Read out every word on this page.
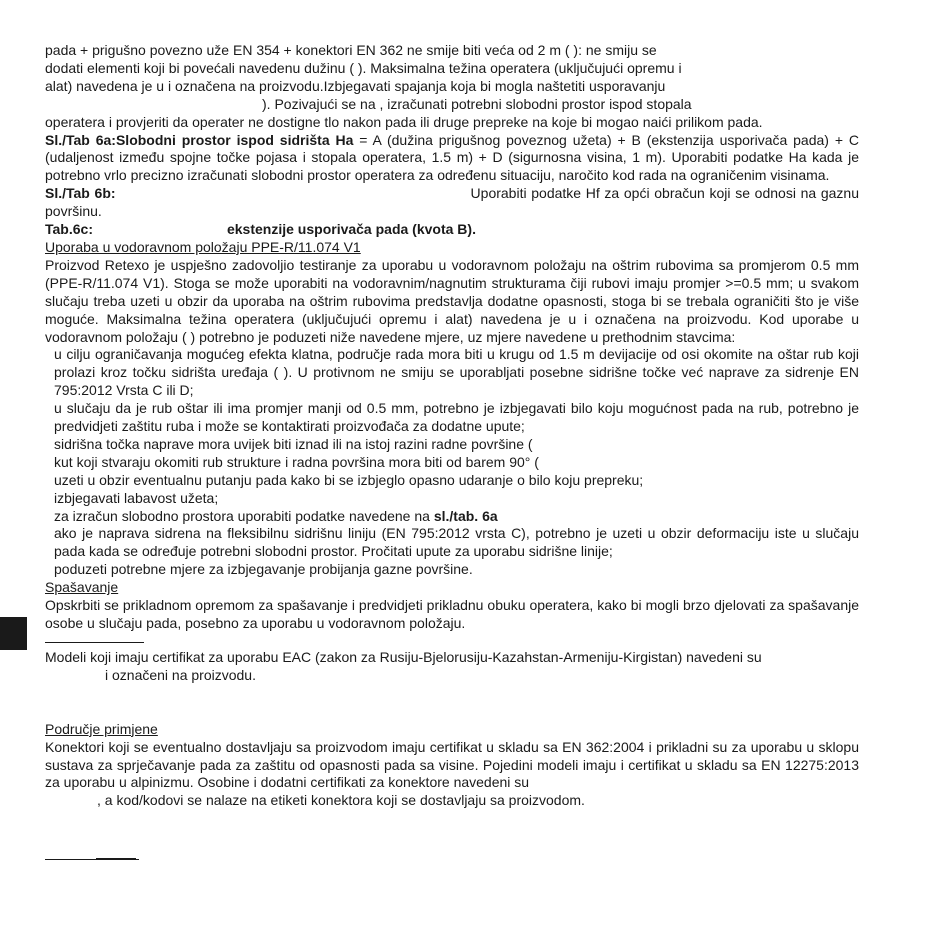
pada + prigušno povezno uže EN 354 + konektori EN 362 ne smije biti veća od 2 m ( ): ne smiju se

dodati elementi koji bi povećali navedenu dužinu ( ). Maksimalna težina operatera (uključujući opremu i

alat) navedena je u i označena na proizvodu.Izbjegavati spajanja koja bi mogla naštetiti usporavanju

). Pozivajući se na , izračunati potrebni slobodni prostor ispod stopala

operatera i provjeriti da operater ne dostigne tlo nakon pada ili druge prepreke na koje bi mogao naići prilikom pada.

Sl./Tab 6a:Slobodni prostor ispod sidrišta Ha = A (dužina prigušnog poveznog užeta) + B (ekstenzija usporivača pada) + C (udaljenost između spojne točke pojasa i stopala operatera, 1.5 m) + D (sigurnosna visina, 1 m). Uporabiti podatke Ha kada je potrebno vrlo precizno izračunati slobodni prostor operatera za određenu situaciju, naročito kod rada na ograničenim visinama.

Sl./Tab 6b:	Uporabiti podatke Hf za opći obračun koji se odnosi na gaznu površinu.

Tab.6c:	ekstenzije usporivača pada (kvota B).

Uporaba u vodoravnom položaju PPE-R/11.074 V1

Proizvod Retexo je uspješno zadovoljio testiranje za uporabu u vodoravnom položaju na oštrim rubovima sa promjerom 0.5 mm (PPE-R/11.074 V1). Stoga se može uporabiti na vodoravnim/nagnutim strukturama čiji rubovi imaju promjer >=0.5 mm; u svakom slučaju treba uzeti u obzir da uporaba na oštrim rubovima predstavlja dodatne opasnosti, stoga bi se trebala ograničiti što je više moguće. Maksimalna težina operatera (uključujući opremu i alat) navedena je u i označena na proizvodu. Kod uporabe u vodoravnom položaju ( ) potrebno je poduzeti niže navedene mjere, uz mjere navedene u prethodnim stavcima:

u cilju ograničavanja mogućeg efekta klatna, područje rada mora biti u krugu od 1.5 m devijacije od osi okomite na oštar rub koji prolazi kroz točku sidrišta uređaja ( ). U protivnom ne smiju se uporabljati posebne sidrišne točke već naprave za sidrenje EN 795:2012 Vrsta C ili D;

u slučaju da je rub oštar ili ima promjer manji od 0.5 mm, potrebno je izbjegavati bilo koju mogućnost pada na rub, potrebno je predvidjeti zaštitu ruba i može se kontaktirati proizvođača za dodatne upute;

sidrišna točka naprave mora uvijek biti iznad ili na istoj razini radne površine (

kut koji stvaraju okomiti rub strukture i radna površina mora biti od barem 90° (

uzeti u obzir eventualnu putanju pada kako bi se izbjeglo opasno udaranje o bilo koju prepreku;

izbjegavati labavost užeta;

za izračun slobodno prostora uporabiti podatke navedene na sl./tab. 6a

ako je naprava sidrena na fleksibilnu sidrišnu liniju (EN 795:2012 vrsta C), potrebno je uzeti u obzir deformaciju iste u slučaju pada kada se određuje potrebni slobodni prostor. Pročitati upute za uporabu sidrišne linije;

poduzeti potrebne mjere za izbjegavanje probijanja gazne površine.

Spašavanje

Opskrbiti se prikladnom opremom za spašavanje i predvidjeti prikladnu obuku operatera, kako bi mogli brzo djelovati za spašavanje osobe u slučaju pada, posebno za uporabu u vodoravnom položaju.

Modeli koji imaju certifikat za uporabu EAC (zakon za Rusiju-Bjelorusiju-Kazahstan-Armeniju-Kirgistan) navedeni su

i označeni na proizvodu.

Područje primjene

Konektori koji se eventualno dostavljaju sa proizvodom imaju certifikat u skladu sa EN 362:2004 i prikladni su za uporabu u sklopu sustava za sprječavanje pada za zaštitu od opasnosti pada sa visine. Pojedini modeli imaju i certifikat u skladu sa EN 12275:2013 za uporabu u alpinizmu. Osobine i dodatni certifikati za konektore navedeni su

, a kod/kodovi se nalaze na etiketi konektora koji se dostavljaju sa proizvodom.
